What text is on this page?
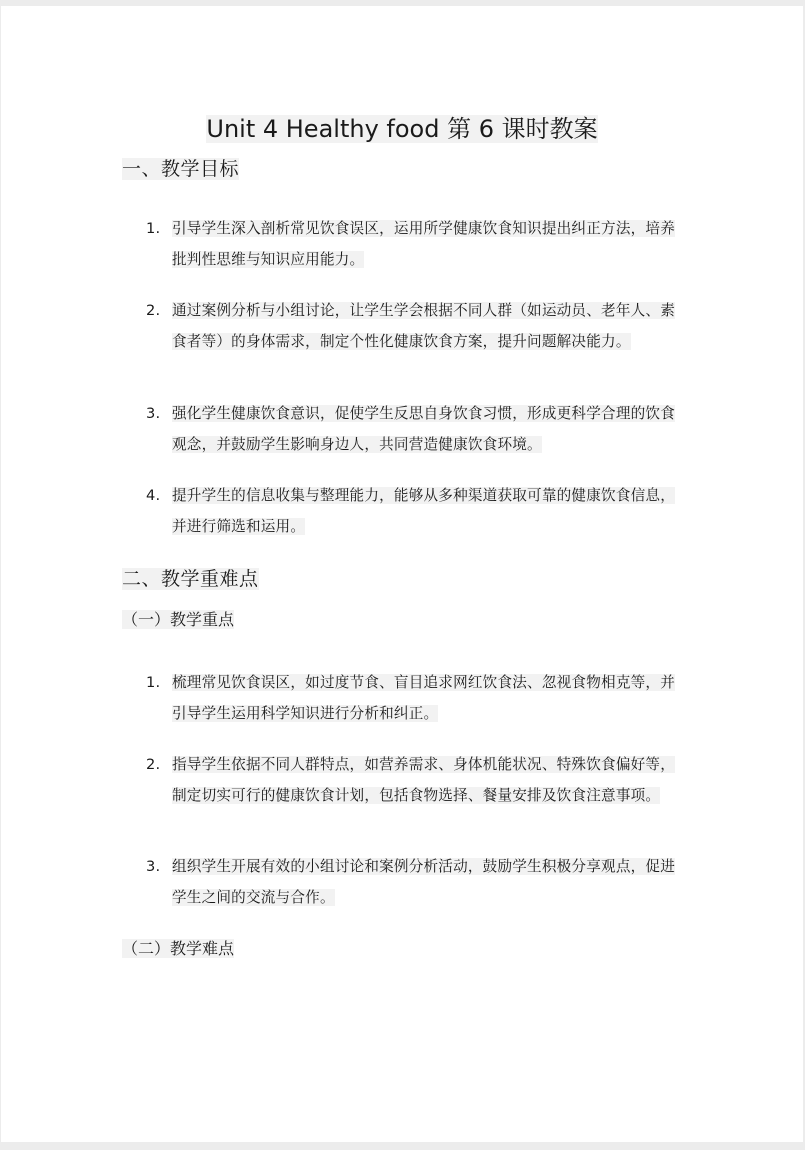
Unit 4 Healthy food 第 6 课时教案
一、教学目标
1. 引导学生深入剖析常见饮食误区，运用所学健康饮食知识提出纠正方法，培养批判性思维与知识应用能力。
2. 通过案例分析与小组讨论，让学生学会根据不同人群（如运动员、老年人、素食者等）的身体需求，制定个性化健康饮食方案，提升问题解决能力。
3. 强化学生健康饮食意识，促使学生反思自身饮食习惯，形成更科学合理的饮食观念，并鼓励学生影响身边人，共同营造健康饮食环境。
4. 提升学生的信息收集与整理能力，能够从多种渠道获取可靠的健康饮食信息，并进行筛选和运用。
二、教学重难点
（一）教学重点
1. 梳理常见饮食误区，如过度节食、盲目追求网红饮食法、忽视食物相克等，并引导学生运用科学知识进行分析和纠正。
2. 指导学生依据不同人群特点，如营养需求、身体机能状况、特殊饮食偏好等，制定切实可行的健康饮食计划，包括食物选择、餐量安排及饮食注意事项。
3. 组织学生开展有效的小组讨论和案例分析活动，鼓励学生积极分享观点，促进学生之间的交流与合作。
（二）教学难点
